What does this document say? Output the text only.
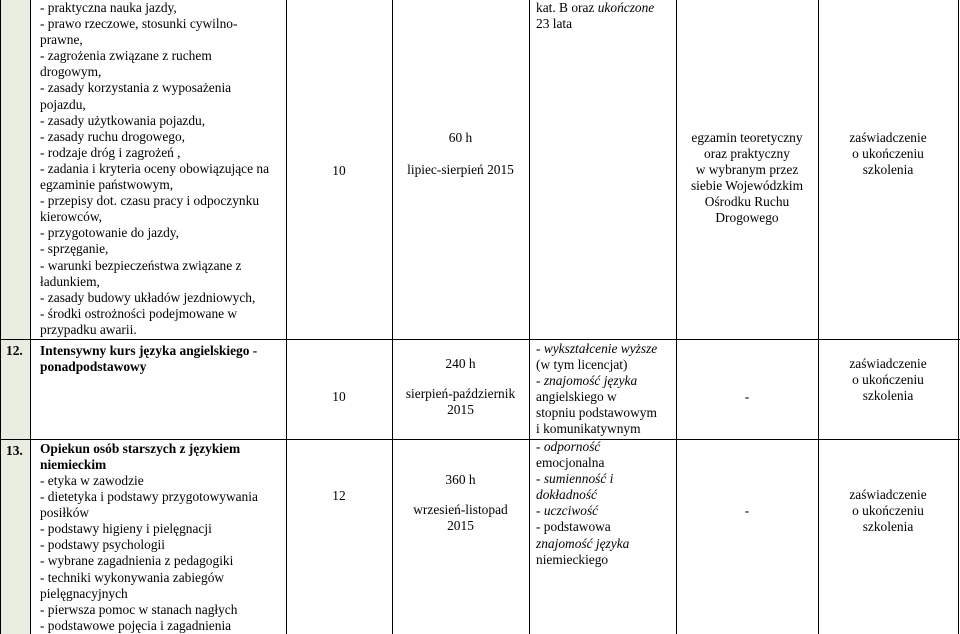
- praktyczna nauka jazdy,
- prawo rzeczowe, stosunki cywilno-
prawne,
- zagrożenia związane z ruchem
drogowym,
- zasady korzystania z wyposażenia
pojazdu,
- zasady użytkowania pojazdu,
- zasady ruchu drogowego,
- rodzaje dróg i zagrożeń ,
- zadania i kryteria oceny obowiązujące na
egzaminie państwowym,
- przepisy dot. czasu pracy i odpoczynku
kierowców,
- przygotowanie do jazdy,
- sprzęganie,
- warunki bezpieczeństwa związane z
ładunkiem,
- zasady budowy układów jezdniowych,
- środki ostrożności podejmowane w
przypadku awarii.
10
60 h
lipiec-sierpień 2015
kat. B oraz ukończone
23 lata
egzamin teoretyczny
oraz praktyczny
w wybranym przez
siebie Wojewódzkim
Ośrodku Ruchu
Drogowego
zaświadczenie
o ukończeniu
szkolenia
12. Intensywny kurs języka angielskiego -
ponadpodstawowy
10
240 h
sierpień-październik
2015
- wykształcenie wyższe
(w tym licencjat)
- znajomość języka
angielskiego w
stopniu podstawowym
i komunikatywnym
-
zaświadczenie
o ukończeniu
szkolenia
13. Opiekun osób starszych z językiem
niemieckim
- etyka w zawodzie
- dietetyka i podstawy przygotowywania
posiłków
- podstawy higieny i pielęgnacji
- podstawy psychologii
- wybrane zagadnienia z pedagogiki
- techniki wykonywania zabiegów
pielęgnacyjnych
- pierwsza pomoc w stanach nagłych
- podstawowe pojęcia i zagadnienia
12
360 h
wrzesień-listopad
2015
- odporność
emocjonalna
- sumienność i
dokładność
- uczciwość
- podstawowa
znajomość języka
niemieckiego
-
zaświadczenie
o ukończeniu
szkolenia
